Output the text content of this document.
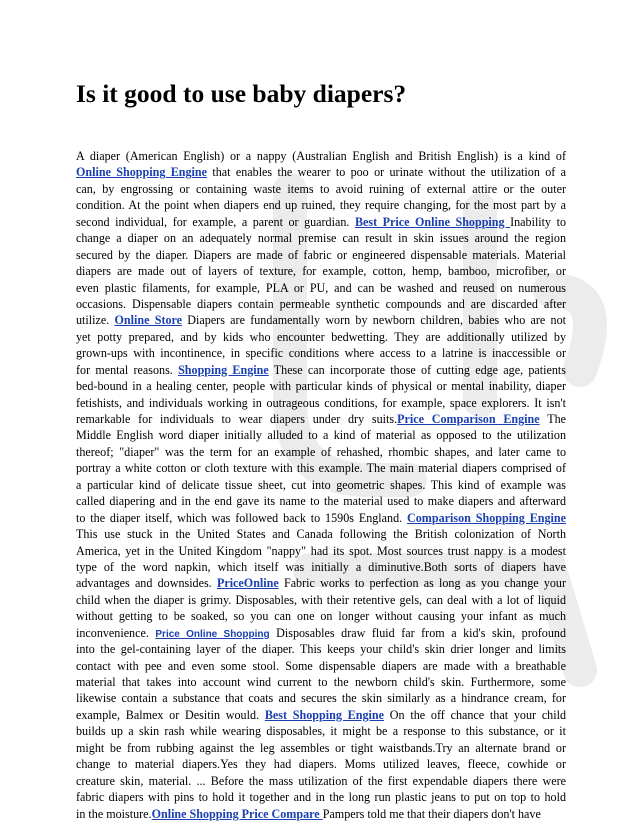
Is it good to use baby diapers?
A diaper (American English) or a nappy (Australian English and British English) is a kind of
Online Shopping Engine that enables the wearer to poo or urinate without the utilization of a
can, by engrossing or containing waste items to avoid ruining of external attire or the outer
condition. At the point when diapers end up ruined, they require changing, for the most part by a
second individual, for example, a parent or guardian. Best Price Online Shopping Inability to
change a diaper on an adequately normal premise can result in skin issues around the region
secured by the diaper. Diapers are made of fabric or engineered dispensable materials. Material
diapers are made out of layers of texture, for example, cotton, hemp, bamboo, microfiber, or
even plastic filaments, for example, PLA or PU, and can be washed and reused on numerous
occasions. Dispensable diapers contain permeable synthetic compounds and are discarded after
utilize. Online Store Diapers are fundamentally worn by newborn children, babies who are not
yet potty prepared, and by kids who encounter bedwetting. They are additionally utilized by
grown-ups with incontinence, in specific conditions where access to a latrine is inaccessible or
for mental reasons. Shopping Engine These can incorporate those of cutting edge age, patients
bed-bound in a healing center, people with particular kinds of physical or mental inability, diaper
fetishists, and individuals working in outrageous conditions, for example, space explorers. It isn't
remarkable for individuals to wear diapers under dry suits.Price Comparison Engine The
Middle English word diaper initially alluded to a kind of material as opposed to the utilization
thereof; "diaper" was the term for an example of rehashed, rhombic shapes, and later came to
portray a white cotton or cloth texture with this example. The main material diapers comprised of
a particular kind of delicate tissue sheet, cut into geometric shapes. This kind of example was
called diapering and in the end gave its name to the material used to make diapers and afterward
to the diaper itself, which was followed back to 1590s England. Comparison Shopping Engine
This use stuck in the United States and Canada following the British colonization of North
America, yet in the United Kingdom "nappy" had its spot. Most sources trust nappy is a modest
type of the word napkin, which itself was initially a diminutive.Both sorts of diapers have
advantages and downsides. PriceOnline Fabric works to perfection as long as you change your
child when the diaper is grimy. Disposables, with their retentive gels, can deal with a lot of liquid
without getting to be soaked, so you can one on longer without causing your infant as much
inconvenience. Price Online Shopping Disposables draw fluid far from a kid's skin, profound
into the gel-containing layer of the diaper. This keeps your child's skin drier longer and limits
contact with pee and even some stool. Some dispensable diapers are made with a breathable
material that takes into account wind current to the newborn child's skin. Furthermore, some
likewise contain a substance that coats and secures the skin similarly as a hindrance cream, for
example, Balmex or Desitin would. Best Shopping Engine On the off chance that your child
builds up a skin rash while wearing disposables, it might be a response to this substance, or it
might be from rubbing against the leg assembles or tight waistbands.Try an alternate brand or
change to material diapers.Yes they had diapers. Moms utilized leaves, fleece, cowhide or
creature skin, material. ... Before the mass utilization of the first expendable diapers there were
fabric diapers with pins to hold it together and in the long run plastic jeans to put on top to hold
in the moisture.Online Shopping Price Compare Pampers told me that their diapers don't have
